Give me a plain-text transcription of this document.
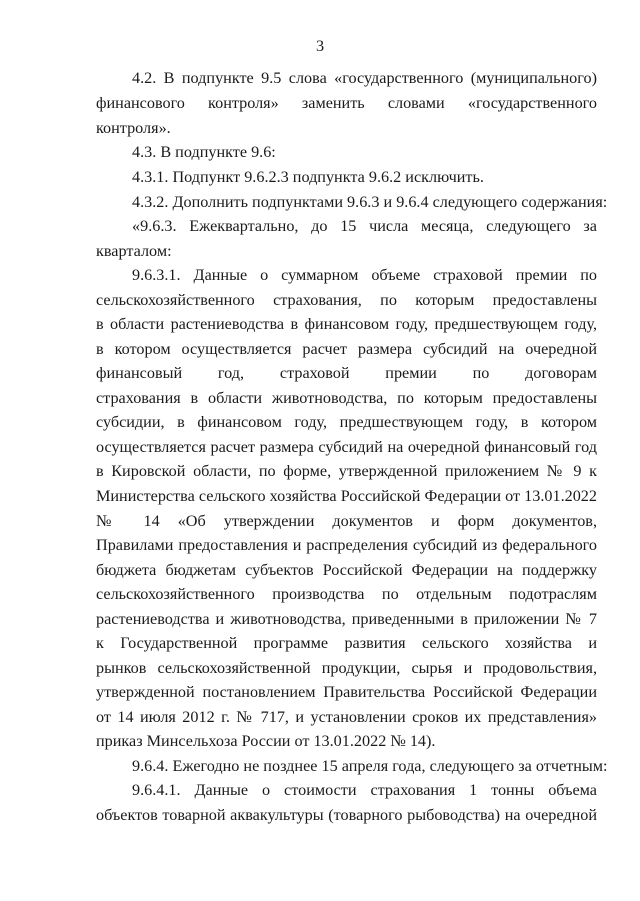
3
4.2. В подпункте 9.5 слова «государственного (муниципального)
финансового контроля» заменить словами «государственного
контроля».
4.3. В подпункте 9.6:
4.3.1. Подпункт 9.6.2.3 подпункта 9.6.2 исключить.
4.3.2. Дополнить подпунктами 9.6.3 и 9.6.4 следующего содержания:
«9.6.3. Ежеквартально, до 15 числа месяца, следующего за
кварталом:
9.6.3.1. Данные о суммарном объеме страховой премии по
сельскохозяйственного страхования, по которым предоставлены
в области растениеводства в финансовом году, предшествующем году,
в котором осуществляется расчет размера субсидий на очередной
финансовый год, страховой премии по договорам
страхования в области животноводства, по которым предоставлены
субсидии, в финансовом году, предшествующем году, в котором
осуществляется расчет размера субсидий на очередной финансовый год
в Кировской области, по форме, утвержденной приложением № 9 к
Министерства сельского хозяйства Российской Федерации от 13.01.2022
№ 14 «Об утверждении документов и форм документов,
Правилами предоставления и распределения субсидий из федерального
бюджета бюджетам субъектов Российской Федерации на поддержку
сельскохозяйственного производства по отдельным подотраслям
растениеводства и животноводства, приведенными в приложении № 7
к Государственной программе развития сельского хозяйства и
рынков сельскохозяйственной продукции, сырья и продовольствия,
утвержденной постановлением Правительства Российской Федерации
от 14 июля 2012 г. № 717, и установлении сроков их представления»
приказ Минсельхоза России от 13.01.2022 № 14).
9.6.4. Ежегодно не позднее 15 апреля года, следующего за отчетным:
9.6.4.1. Данные о стоимости страхования 1 тонны объема
объектов товарной аквакультуры (товарного рыбоводства) на очередной
